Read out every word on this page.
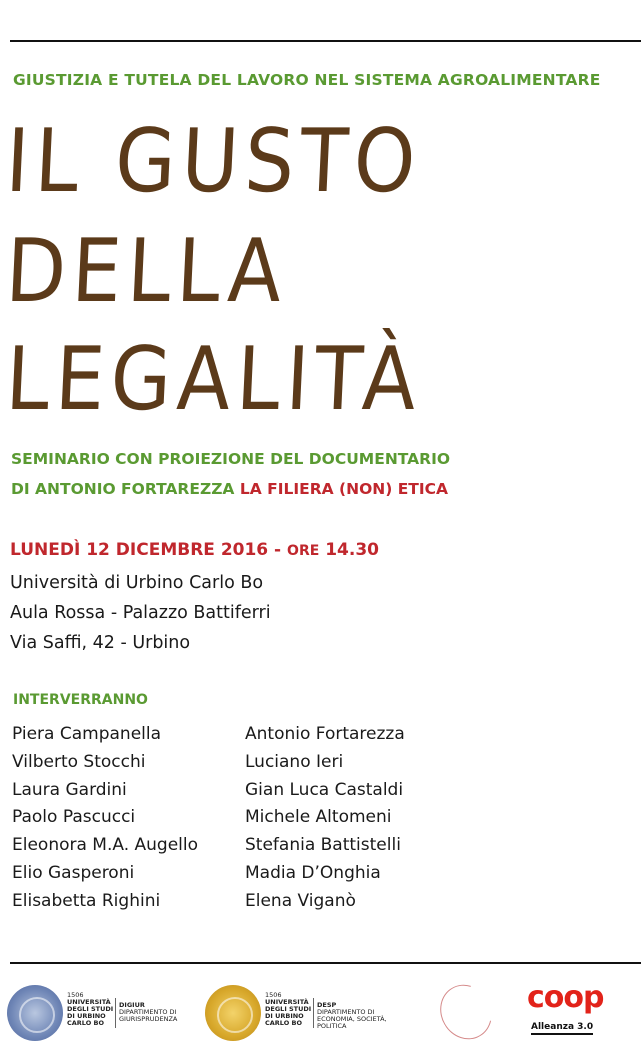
GIUSTIZIA E TUTELA DEL LAVORO NEL SISTEMA AGROALIMENTARE
IL GUSTO
DELLA
LEGALITÀ
SEMINARIO CON PROIEZIONE DEL DOCUMENTARIO
DI ANTONIO FORTAREZZA LA FILIERA (NON) ETICA
LUNEDÌ 12 DICEMBRE 2016 - ORE 14.30
Università di Urbino Carlo Bo
Aula Rossa - Palazzo Battiferri
Via Saffi, 42 - Urbino
INTERVERRANNO
Piera Campanella
Vilberto Stocchi
Laura Gardini
Paolo Pascucci
Eleonora M.A. Augello
Elio Gasperoni
Elisabetta Righini
Antonio Fortarezza
Luciano Ieri
Gian Luca Castaldi
Michele Altomeni
Stefania Battistelli
Madia D’Onghia
Elena Viganò
1506
UNIVERSITÀ DEGLI STUDI DI URBINO CARLO BO
DIGIUR
DIPARTIMENTO DI GIURISPRUDENZA
1506
UNIVERSITÀ DEGLI STUDI DI URBINO CARLO BO
DESP
DIPARTIMENTO DI ECONOMIA, SOCIETÀ, POLITICA
coop
Alleanza 3.0
